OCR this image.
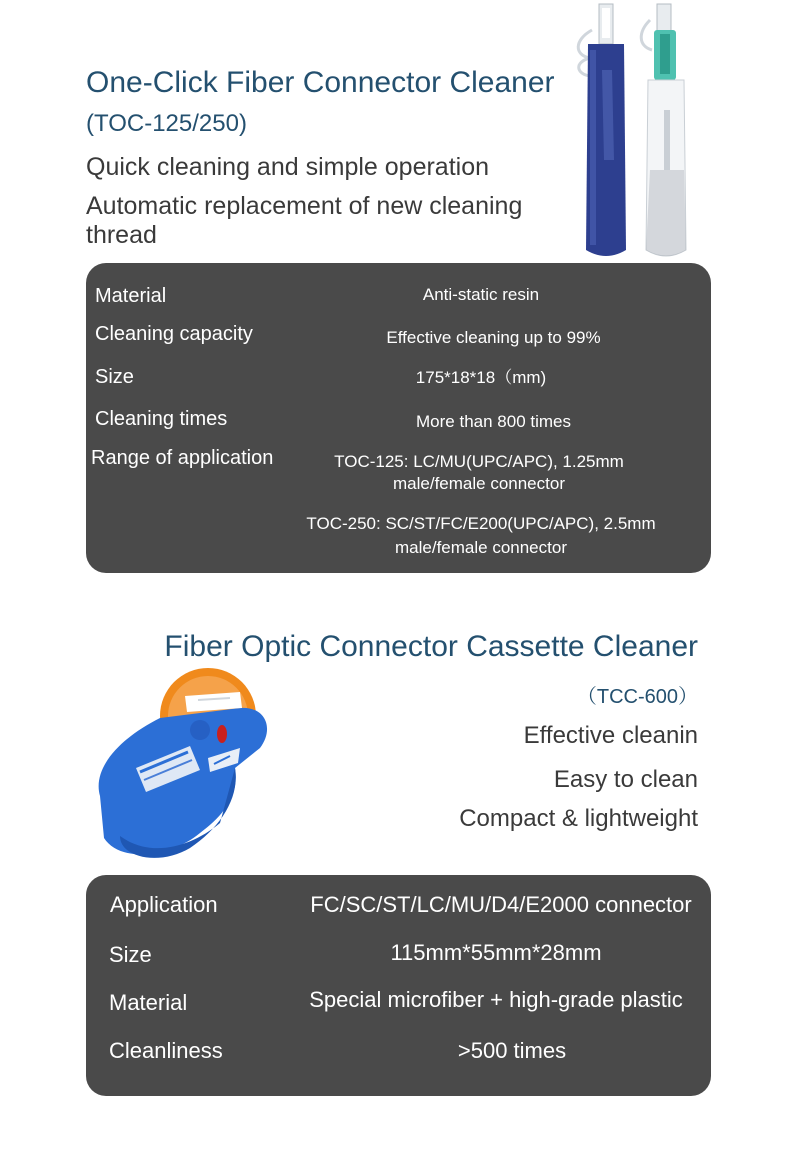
One-Click Fiber Connector Cleaner
(TOC-125/250)
Quick cleaning and simple operation
Automatic replacement of new cleaning thread
Material	Anti-static resin
Cleaning capacity	Effective cleaning up to 99%
Size	175*18*18（mm)
Cleaning times	More than 800 times
Range of application	TOC-125: LC/MU(UPC/APC), 1.25mm
male/female connector
TOC-250: SC/ST/FC/E200(UPC/APC), 2.5mm
male/female connector
Fiber Optic Connector Cassette Cleaner
（TCC-600）
Effective cleanin
Easy to clean
Compact & lightweight
Application	FC/SC/ST/LC/MU/D4/E2000 connector
Size	115mm*55mm*28mm
Material	Special microfiber + high-grade plastic
Cleanliness	>500 times
